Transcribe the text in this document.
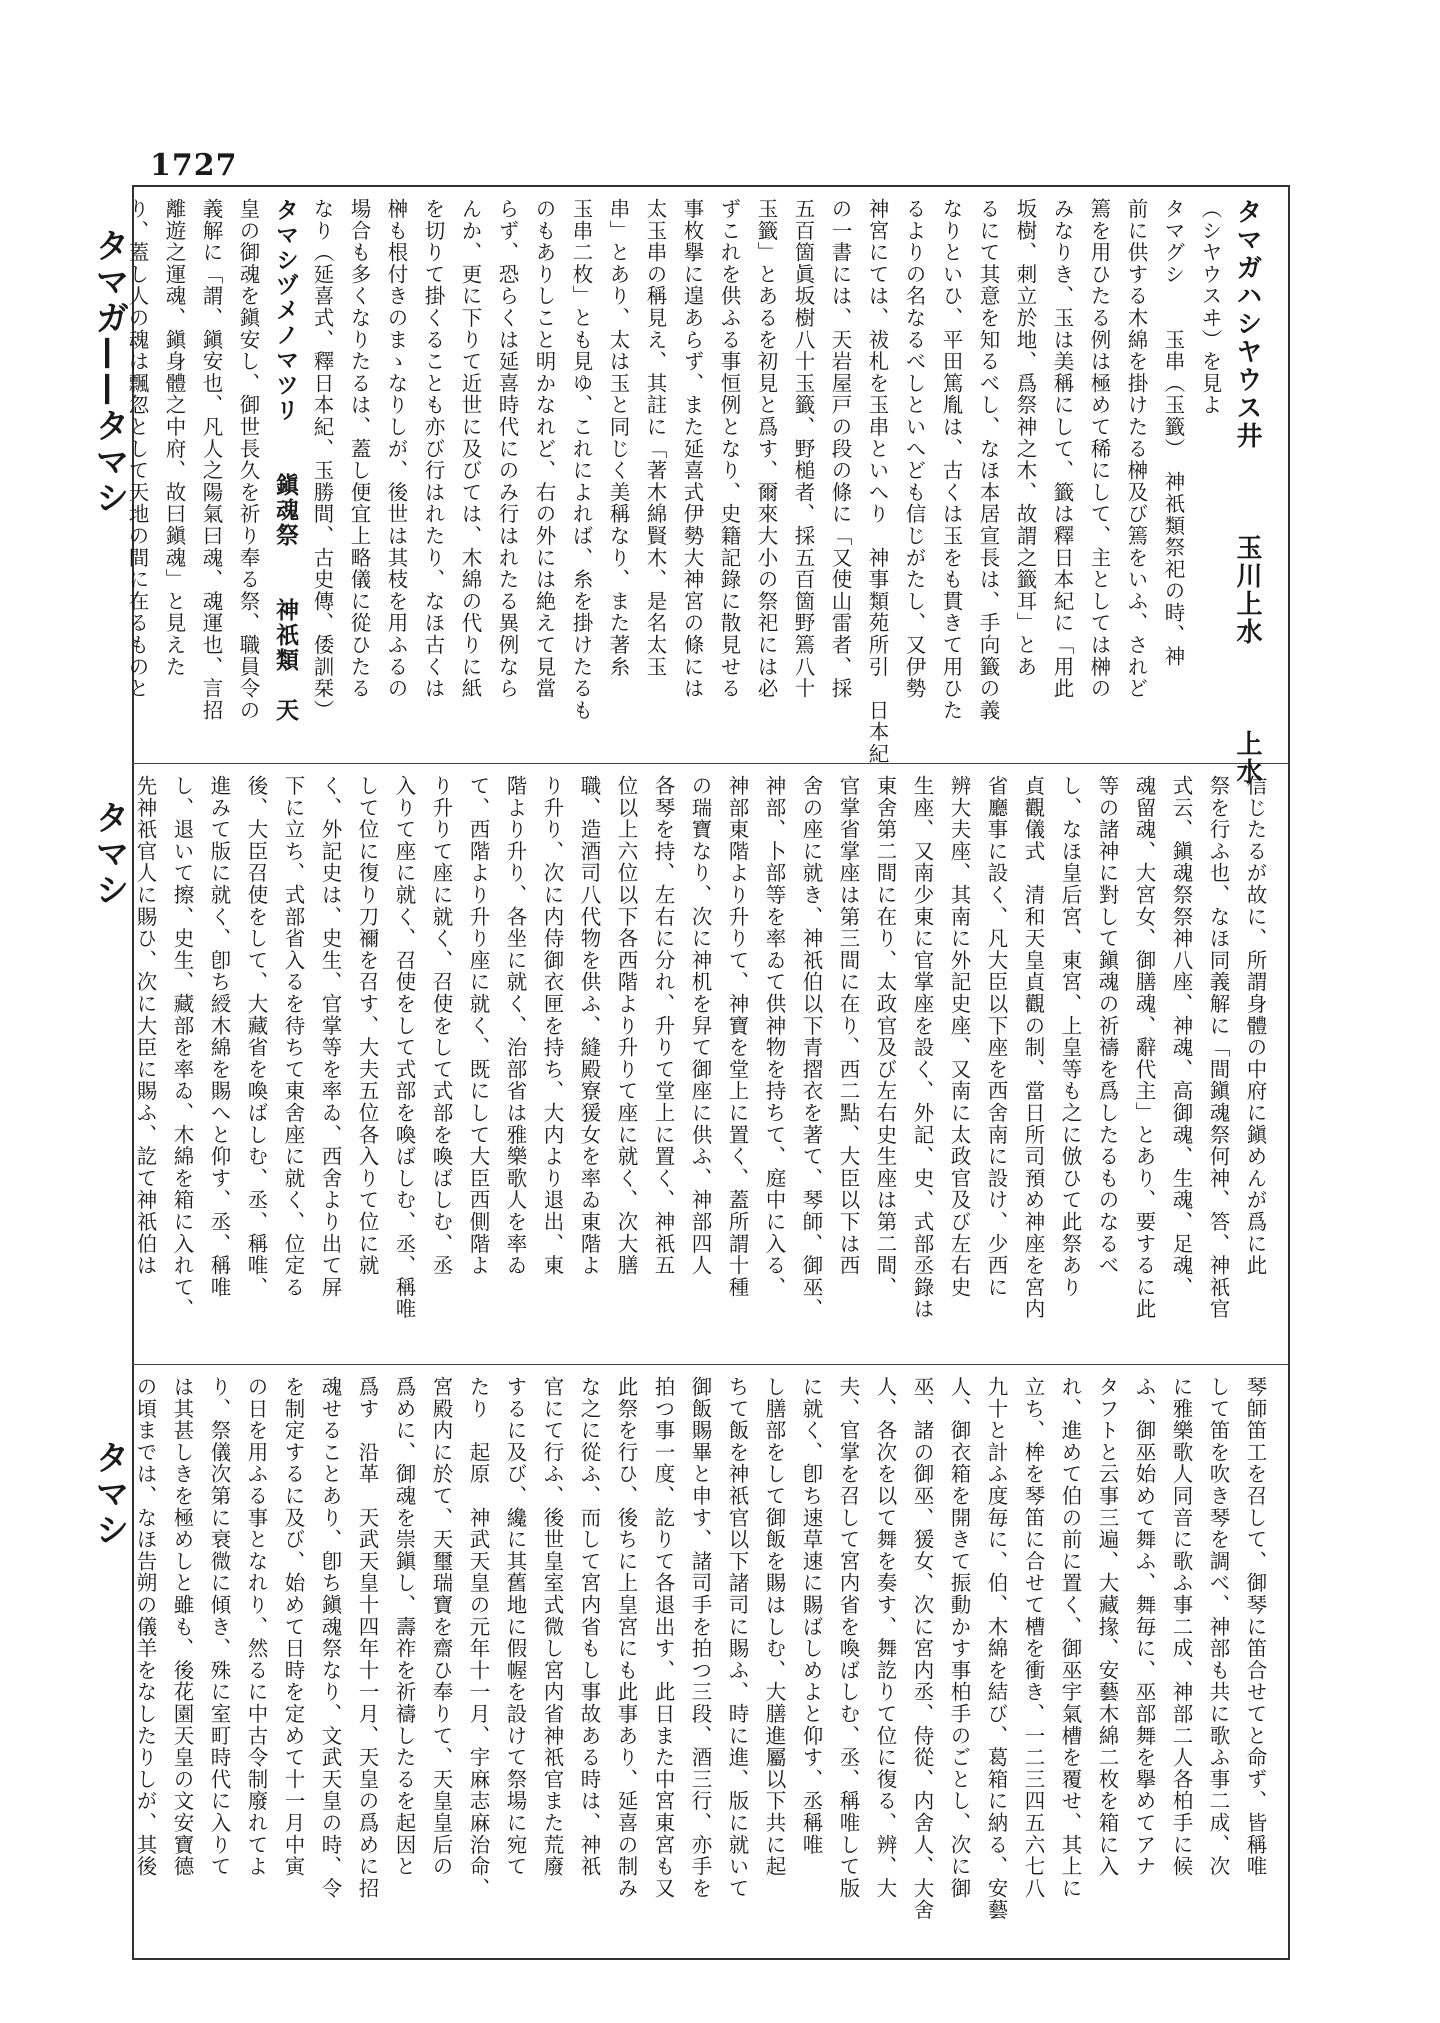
1727
タマガ——タマシ
タマシ
タマシ
タマガハシヤウス井　　　玉川上水　　　上水
（シヤウスヰ）を見よ
タマグシ　　玉串（玉籤）　神祇類祭祀の時、神
前に供する木綿を掛けたる榊及び篶をいふ、されど
篶を用ひたる例は極めて稀にして、主としては榊の
みなりき、玉は美稱にして、籤は釋日本紀に「用此
坂樹、刺立於地、爲祭神之木、故謂之籤耳」とあ
るにて其意を知るべし、なほ本居宣長は、手向籤の義
なりといひ、平田篤胤は、古くは玉をも貫きて用ひた
るよりの名なるべしといへども信じがたし、又伊勢
神宮にては、祓札を玉串といへり　神事類苑所引　日本紀
の一書には、天岩屋戸の段の條に「又使山雷者、採
五百箇眞坂樹八十玉籤、野槌者、採五百箇野篶八十
玉籤」とあるを初見と爲す、爾來大小の祭祀には必
ずこれを供ふる事恒例となり、史籍記錄に散見せる
事枚擧に遑あらず、また延喜式伊勢大神宮の條には
太玉串の稱見え、其註に「著木綿賢木、是名太玉
串」とあり、太は玉と同じく美稱なり、また著糸
玉串二枚」とも見ゆ、これによれば、糸を掛けたるも
のもありしこと明かなれど、右の外には絶えて見當
らず、恐らくは延喜時代にのみ行はれたる異例なら
んか、更に下りて近世に及びては、木綿の代りに紙
を切りて掛くることも亦び行はれたり、なほ古くは
榊も根付きのまゝなりしが、後世は其枝を用ふるの
場合も多くなりたるは、蓋し便宜上略儀に從ひたる
なり（延喜式、釋日本紀、玉勝間、古史傳、倭訓栞）
タマシヅメノマツリ　　鎭魂祭　　神祇類　天
皇の御魂を鎭安し、御世長久を祈り奉る祭、職員令の
義解に「謂、鎭安也、凡人之陽氣曰魂、魂運也、言招
離遊之運魂、鎭身體之中府、故曰鎭魂」と見えた
り、蓋し人の魂は飄忽として天地の間に在るものと
信じたるが故に、所謂身體の中府に鎭めんが爲に此
祭を行ふ也、なほ同義解に「間鎭魂祭何神、答、神祇官
式云、鎭魂祭祭神八座、神魂、高御魂、生魂、足魂、
魂留魂、大宮女、御膳魂、辭代主」とあり、要するに此
等の諸神に對して鎭魂の祈禱を爲したるものなるべ
し、なほ皇后宮、東宮、上皇等も之に倣ひて此祭あり
貞觀儀式　清和天皇貞觀の制、當日所司預め神座を宮内
省廳事に設く、凡大臣以下座を西舍南に設け、少西に
辨大夫座、其南に外記史座、又南に太政官及び左右史
生座、又南少東に官掌座を設く、外記、史、式部丞錄は
東舍第二間に在り、太政官及び左右史生座は第二間、
官掌省掌座は第三間に在り、西二點、大臣以下は西
舍の座に就き、神祇伯以下青摺衣を著て、琴師、御巫、
神部、卜部等を率ゐて供神物を持ちて、庭中に入る、
神部東階より升りて、神寶を堂上に置く、蓋所謂十種
の瑞寶なり、次に神机を舁て御座に供ふ、神部四人
各琴を持、左右に分れ、升りて堂上に置く、神祇五
位以上六位以下各西階より升りて座に就く、次大膳
職、造酒司八代物を供ふ、縫殿寮猨女を率ゐ東階よ
り升り、次に内侍御衣匣を持ち、大内より退出、東
階より升り、各坐に就く、治部省は雅樂歌人を率ゐ
て、西階より升り座に就く、既にして大臣西側階よ
り升りて座に就く、召使をして式部を喚ばしむ、丞
入りて座に就く、召使をして式部を喚ばしむ、丞、稱唯
して位に復り刀禰を召す、大夫五位各入りて位に就
く、外記史は、史生、官掌等を率ゐ、西舍より出て屏
下に立ち、式部省入るを待ちて東舍座に就く、位定る
後、大臣召使をして、大藏省を喚ばしむ、丞、稱唯、
進みて版に就く、卽ち綬木綿を賜へと仰す、丞、稱唯
し、退いて擦、史生、藏部を率ゐ、木綿を箱に入れて、
先神祇官人に賜ひ、次に大臣に賜ふ、訖て神祇伯は
琴師笛工を召して、御琴に笛合せてと命ず、皆稱唯
して笛を吹き琴を調べ、神部も共に歌ふ事二成、次
に雅樂歌人同音に歌ふ事二成、神部二人各柏手に候
ふ、御巫始めて舞ふ、舞毎に、巫部舞を擧めてアナ
タフトと云事三遍、大藏掾、安藝木綿二枚を箱に入
れ、進めて伯の前に置く、御巫宇氣槽を覆せ、其上に
立ち、桙を琴笛に合せて槽を衝き、一二三四五六七八
九十と計ふ度毎に、伯、木綿を結び、葛箱に納る、安藝
人、御衣箱を開きて振動かす事柏手のごとし、次に御
巫、諸の御巫、猨女、次に宮内丞、侍從、内舍人、大舍
人、各次を以て舞を奏す、舞訖りて位に復る、辨、大
夫、官掌を召して宮内省を喚ばしむ、丞、稱唯して版
に就く、卽ち速草速に賜ばしめよと仰す、丞稱唯
し膳部をして御飯を賜はしむ、大膳進屬以下共に起
ちて飯を神祇官以下諸司に賜ふ、時に進、版に就いて
御飯賜畢と申す、諸司手を拍つ三段、酒三行、亦手を
拍つ事一度、訖りて各退出す、此日また中宮東宮も又
此祭を行ひ、後ちに上皇宮にも此事あり、延喜の制み
な之に從ふ、而して宮内省もし事故ある時は、神祇
官にて行ふ、後世皇室式微し宮内省神祇官また荒廢
するに及び、纔に其舊地に假幄を設けて祭場に宛て
たり　起原　神武天皇の元年十一月、宇麻志麻治命、
宮殿内に於て、天璽瑞寶を齋ひ奉りて、天皇皇后の
爲めに、御魂を崇鎭し、壽祚を祈禱したるを起因と
爲す　沿革　天武天皇十四年十一月、天皇の爲めに招
魂せることあり、卽ち鎭魂祭なり、文武天皇の時、令
を制定するに及び、始めて日時を定めて十一月中寅
の日を用ふる事となれり、然るに中古令制廢れてよ
り、祭儀次第に衰微に傾き、殊に室町時代に入りて
は其甚しきを極めしと雖も、後花園天皇の文安寶德
の頃までは、なほ告朔の儀羊をなしたりしが、其後
